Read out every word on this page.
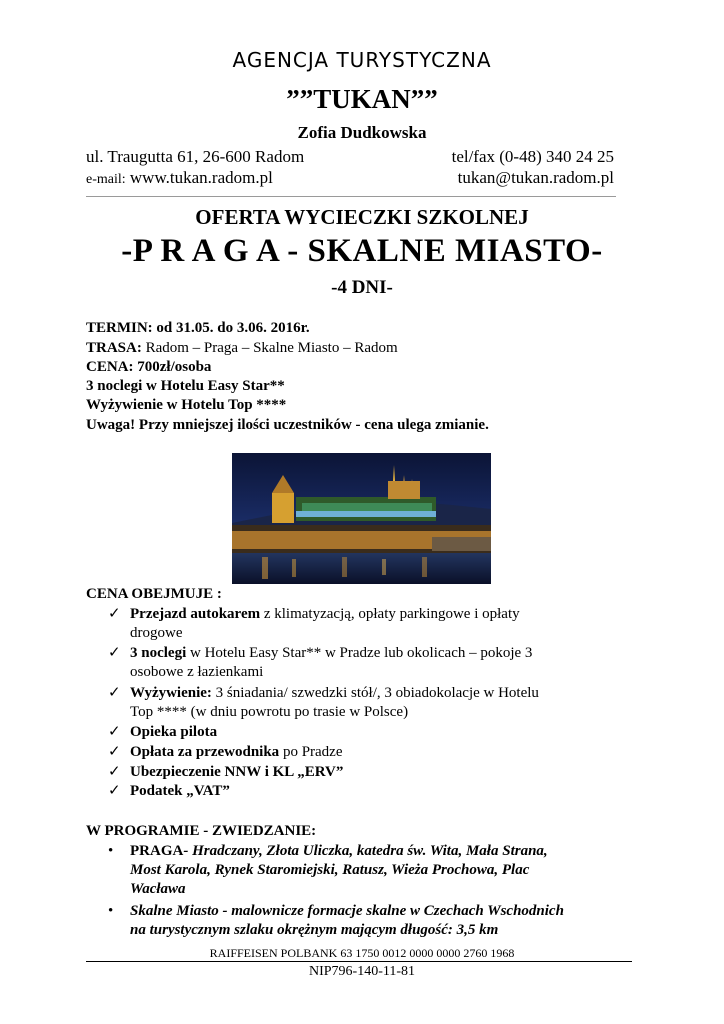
AGENCJA TURYSTYCZNA
””TUKAN””
Zofia Dudkowska
ul. Traugutta 61, 26-600 Radom	tel/fax (0-48) 340 24 25
e-mail: www.tukan.radom.pl	tukan@tukan.radom.pl
OFERTA WYCIECZKI SZKOLNEJ
-P R A G A - SKALNE MIASTO-
-4 DNI-
TERMIN: od 31.05. do 3.06. 2016r.
TRASA: Radom – Praga – Skalne Miasto – Radom
CENA: 700zł/osoba
3 noclegi w Hotelu Easy Star**
Wyżywienie w Hotelu Top ****
Uwaga! Przy mniejszej ilości uczestników - cena ulega zmianie.
CENA OBEJMUJE :
✓ Przejazd autokarem z klimatyzacją, opłaty parkingowe i opłaty
drogowe
✓ 3 noclegi w Hotelu Easy Star** w Pradze lub okolicach – pokoje 3
osobowe z łazienkami
✓ Wyżywienie: 3 śniadania/ szwedzki stół/, 3 obiadokolacje w Hotelu
Top **** (w dniu powrotu po trasie w Polsce)
✓ Opieka pilota
✓ Opłata za przewodnika po Pradze
✓ Ubezpieczenie NNW i KL „ERV”
✓ Podatek „VAT”
W PROGRAMIE - ZWIEDZANIE:
•	PRAGA- Hradczany, Złota Uliczka, katedra św. Wita, Mała Strana,
Most Karola, Rynek Staromiejski, Ratusz, Wieża Prochowa, Plac
Wacława
•	Skalne Miasto - malownicze formacje skalne w Czechach Wschodnich
na turystycznym szlaku okrężnym mającym długość: 3,5 km
RAIFFEISEN POLBANK 63 1750 0012 0000 0000 2760 1968
NIP796-140-11-81
